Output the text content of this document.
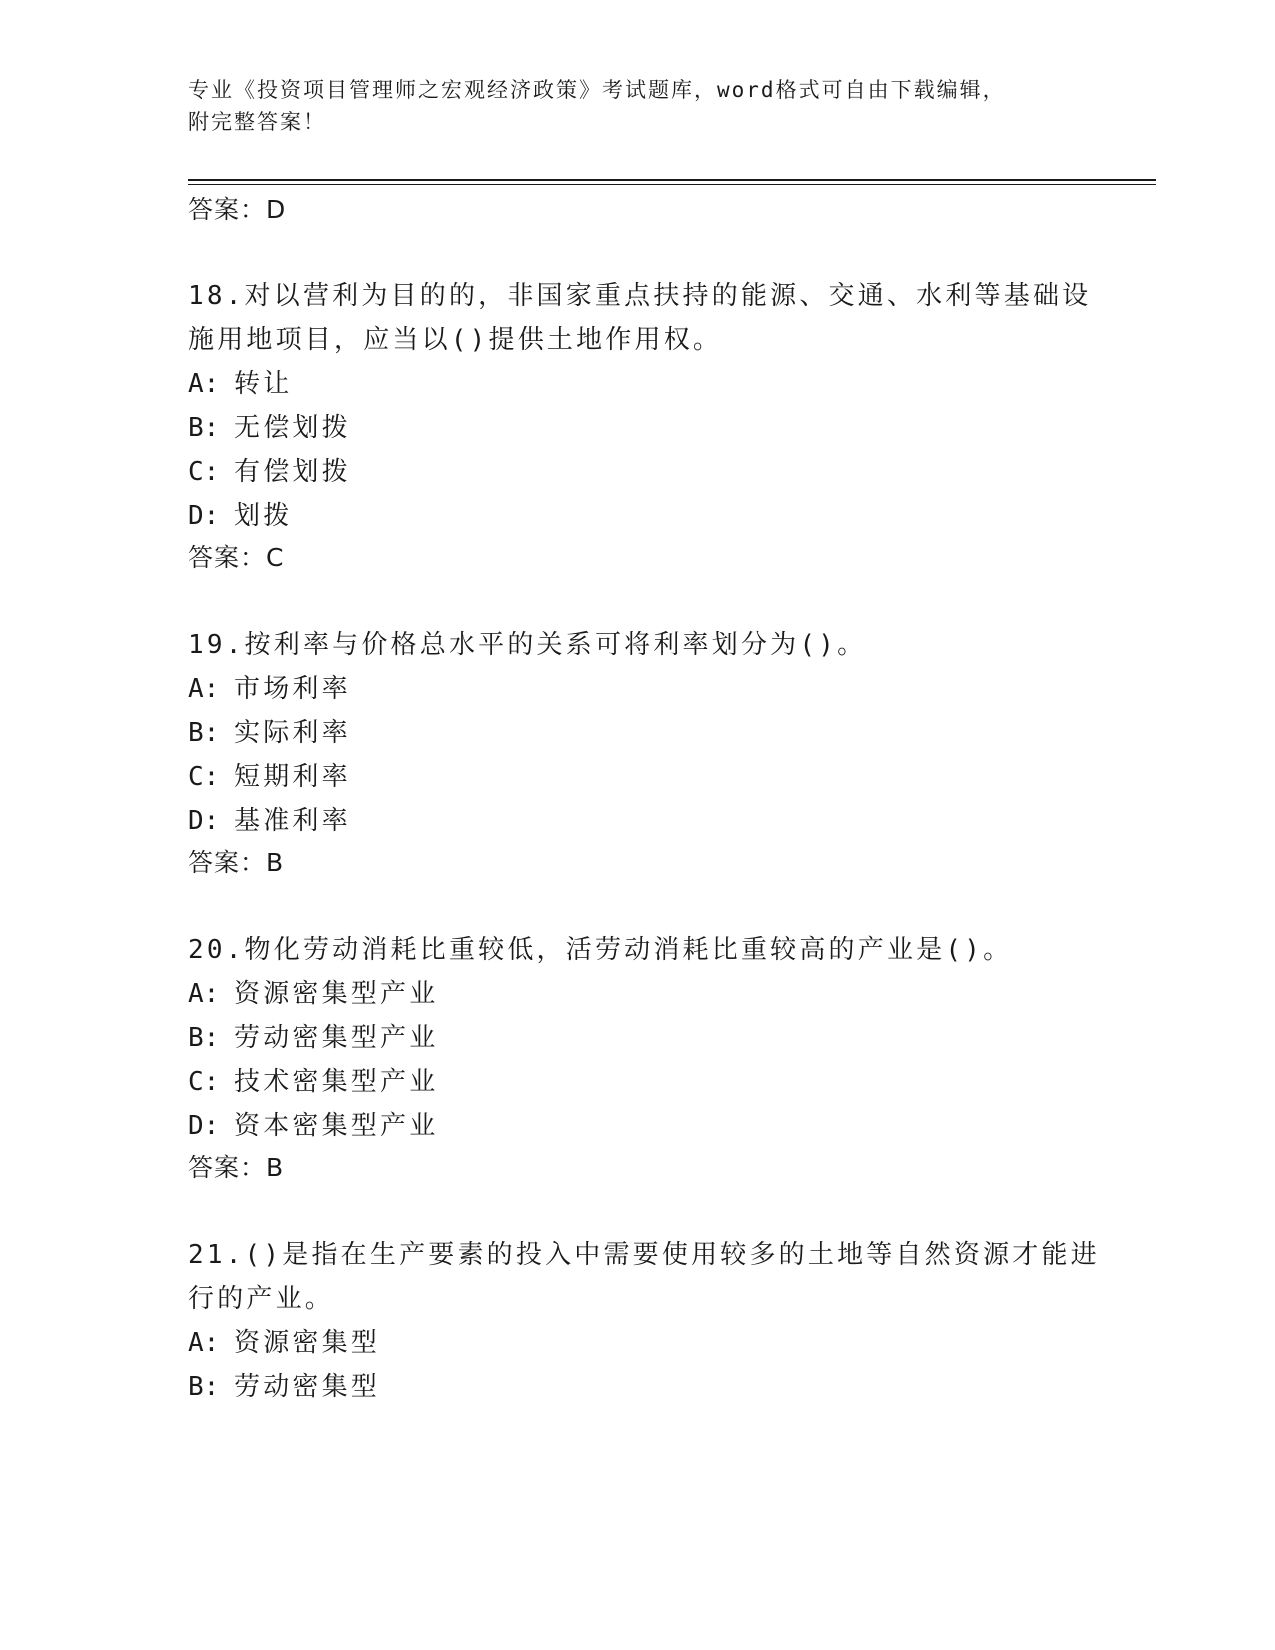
专业《投资项目管理师之宏观经济政策》考试题库，word格式可自由下载编辑，
附完整答案！
答案：D
18.对以营利为目的的，非国家重点扶持的能源、交通、水利等基础设
施用地项目，应当以()提供土地作用权。
A: 转让
B: 无偿划拨
C: 有偿划拨
D: 划拨
答案：C
19.按利率与价格总水平的关系可将利率划分为()。
A: 市场利率
B: 实际利率
C: 短期利率
D: 基准利率
答案：B
20.物化劳动消耗比重较低，活劳动消耗比重较高的产业是()。
A: 资源密集型产业
B: 劳动密集型产业
C: 技术密集型产业
D: 资本密集型产业
答案：B
21.()是指在生产要素的投入中需要使用较多的土地等自然资源才能进
行的产业。
A: 资源密集型
B: 劳动密集型
